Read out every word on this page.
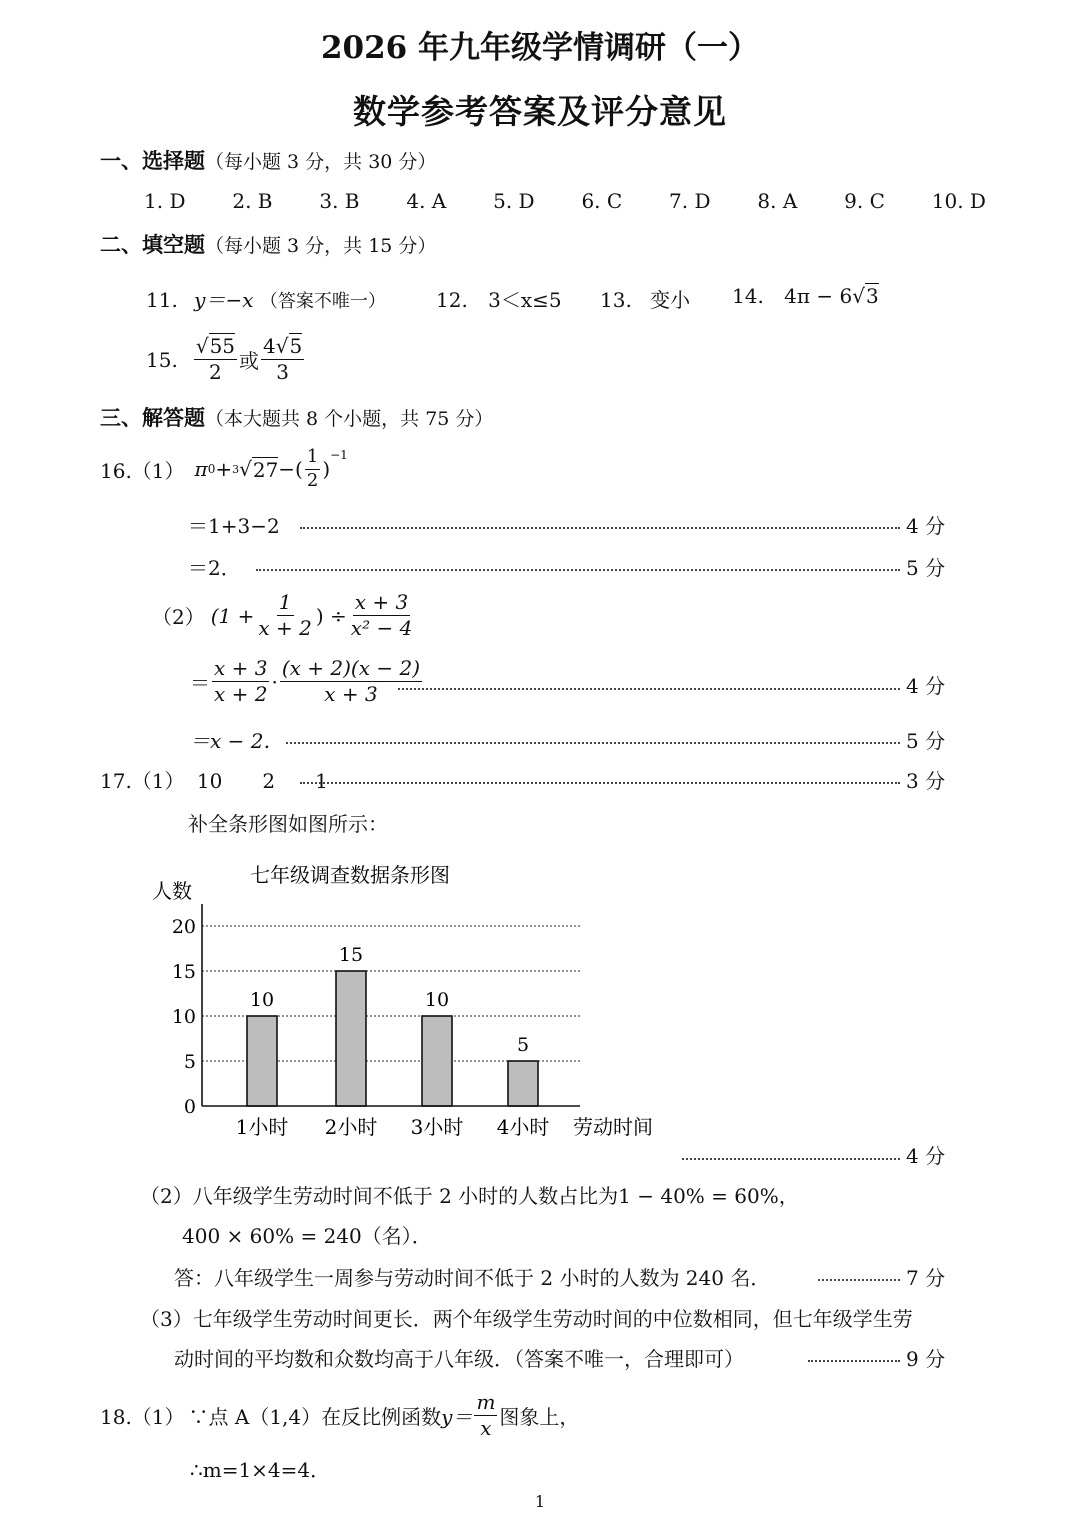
2026 年九年级学情调研（一）
数学参考答案及评分意见
一、选择题（每小题 3 分，共 30 分）
1. D 2. B 3. B 4. A 5. D 6. C 7. D 8. A 9. C 10. D
二、填空题（每小题 3 分，共 15 分）
11. y＝−x （答案不唯一）	12. 3＜x≤5 13. 变小 14. 4π − 6√3
15. $\frac{√55}{2}$ 或 $\frac{4√5}{3}$
三、解答题（本大题共 8 个小题，共 75 分）
16.（1） π 0 + 3 √ 27 −( $\frac{1}{2}$ )
$^{-1}$
＝1+3−2	4 分
＝2．	5 分
（2） ($1 + \frac{1}{x + 2}$ ) ÷ $\frac{x + 3}{\text{x² − 4}}$
＝ $\frac{x + 3}{x + 2} \cdot \frac{(x + 2)(x - 2)}{x + 3}$	4 分
＝x − 2．	5 分
17.（1） 10　　2　　1	3 分
补全条形图如图所示：
七年级调查数据条形图
人数
劳动时间
10
15
10
5
0
5
10
15
20
1小时 2小时 3小时 4小时
4 分
（2）八年级学生劳动时间不低于 2 小时的人数占比为1 − 40% = 60%，
400 × 60% = 240（名）．
答：八年级学生一周参与劳动时间不低于 2 小时的人数为 240 名．	7 分
（3）七年级学生劳动时间更长．两个年级学生劳动时间的中位数相同，但七年级学生劳
动时间的平均数和众数均高于八年级．（答案不唯一，合理即可）	9 分
18.（1） ∵点 A（1,4）在反比例函数 $y= \frac{m}{x}$ 图象上，
∴m=1×4=4．
1
